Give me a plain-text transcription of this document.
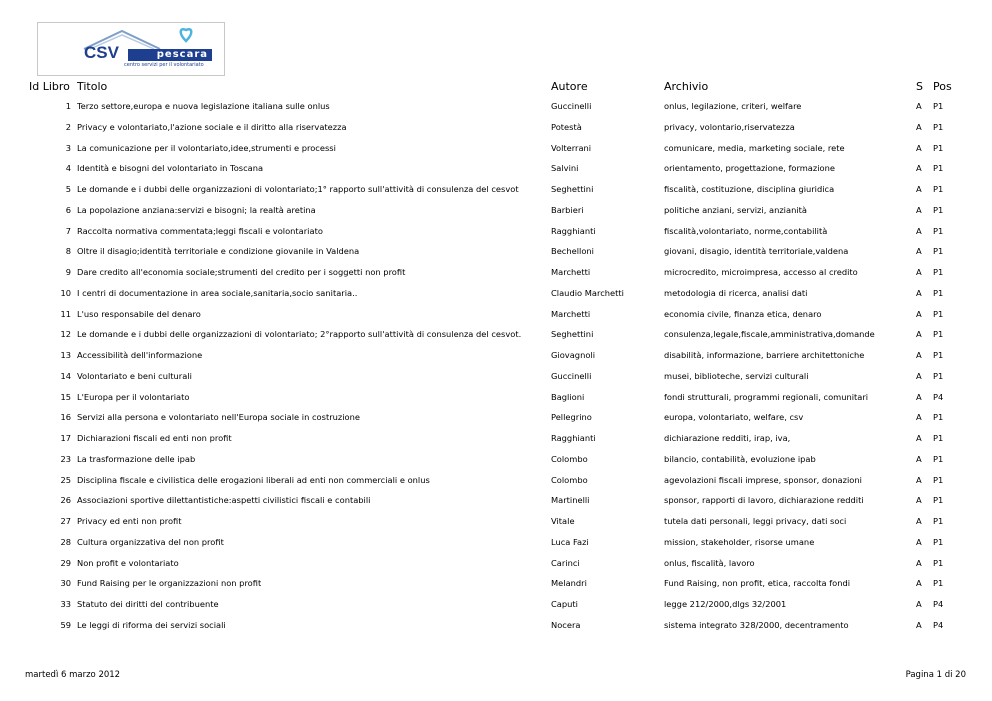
pescara
CSV
centro servizi per il volontariato
Id Libro Titolo	Autore	Archivio	S Pos
1 Terzo settore,europa e nuova legislazione italiana sulle onlus	Guccinelli	onlus, legilazione, criteri, welfare	A	P1
2 Privacy e volontariato,l'azione sociale e il diritto alla riservatezza	Potestà	privacy, volontario,riservatezza	A	P1
3 La comunicazione per il volontariato,idee,strumenti e processi	Volterrani	comunicare, media, marketing sociale, rete	A	P1
4 Identità e bisogni del volontariato in Toscana	Salvini	orientamento, progettazione, formazione	A	P1
5 Le domande e i dubbi delle organizzazioni di volontariato;1° rapporto sull'attività di consulenza del cesvot	Seghettini	fiscalità, costituzione, disciplina giuridica	A	P1
6 La popolazione anziana:servizi e bisogni; la realtà aretina	Barbieri	politiche anziani, servizi, anzianità	A	P1
7 Raccolta normativa commentata;leggi fiscali e volontariato	Ragghianti	fiscalità,volontariato, norme,contabilità	A	P1
8 Oltre il disagio;identità territoriale e condizione giovanile in Valdena	Bechelloni	giovani, disagio, identità territoriale,valdena	A	P1
9 Dare credito all'economia sociale;strumenti del credito per i soggetti non profit	Marchetti	microcredito, microimpresa, accesso al credito	A	P1
10 I centri di documentazione in area sociale,sanitaria,socio sanitaria..	Claudio Marchetti	metodologia di ricerca, analisi dati	A	P1
11 L'uso responsabile del denaro	Marchetti	economia civile, finanza etica, denaro	A	P1
12 Le domande e i dubbi delle organizzazioni di volontariato; 2°rapporto sull'attività di consulenza del cesvot.	Seghettini	consulenza,legale,fiscale,amministrativa,domande	A	P1
13 Accessibilità dell'informazione	Giovagnoli	disabilità, informazione, barriere architettoniche	A	P1
14 Volontariato e beni culturali	Guccinelli	musei, biblioteche, servizi culturali	A	P1
15 L'Europa per il volontariato	Baglioni	fondi strutturali, programmi regionali, comunitari	A	P4
16 Servizi alla persona e volontariato nell'Europa sociale in costruzione	Pellegrino	europa, volontariato, welfare, csv	A	P1
17 Dichiarazioni fiscali ed enti non profit	Ragghianti	dichiarazione redditi, irap, iva,	A	P1
23 La trasformazione delle ipab	Colombo	bilancio, contabilità, evoluzione ipab	A	P1
25 Disciplina fiscale e civilistica delle erogazioni liberali ad enti non commerciali e onlus	Colombo	agevolazioni fiscali imprese, sponsor, donazioni	A	P1
26 Associazioni sportive dilettantistiche:aspetti civilistici fiscali e contabili	Martinelli	sponsor, rapporti di lavoro, dichiarazione redditi	A	P1
27 Privacy ed enti non profit	Vitale	tutela dati personali, leggi privacy, dati soci	A	P1
28 Cultura organizzativa del non profit	Luca Fazi	mission, stakeholder, risorse umane	A	P1
29 Non profit e volontariato	Carinci	onlus, fiscalità, lavoro	A	P1
30 Fund Raising per le organizzazioni non profit	Melandri	Fund Raising, non profit, etica, raccolta fondi	A	P1
33 Statuto dei diritti del contribuente	Caputi	legge 212/2000,dlgs 32/2001	A	P4
59 Le leggi di riforma dei servizi sociali	Nocera	sistema integrato 328/2000, decentramento	A	P4
martedì 6 marzo 2012	Pagina 1 di 20
